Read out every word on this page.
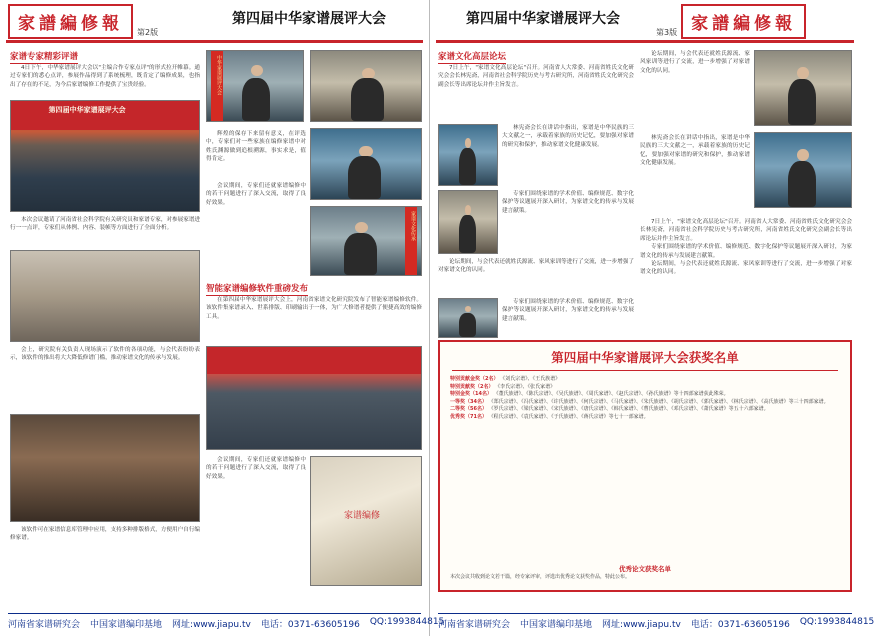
家譜編修報	第2版
第四届中华家谱展评大会
家谱专家精彩评谱

4日下午，中华家谱展评大会以"主编合作专家点评"的形式拉开帷幕。通过专家们的悉心点评，参展作品得到了系统梳理，既肯定了编修成果，也指出了存在的不足，为今后家谱编修工作提供了宝贵经验。

第四届中华家谱展评大会

本次会议邀请了河南省社会科学院有关研究员和家谱专家，对参展家谱进行一一点评，专家们从体例、内容、装帧等方面进行了全面分析。

中华家谱展评大会

辉煌的保存下来留有意义，在评选中，专家们对一些家族在编修家谱中对姓氏渊源做到追根溯源，事实求是，值得肯定。

会议期间，专家们还就家谱编修中的若干问题进行了深入交流，取得了良好效果。

家谱文化传承
智能家谱编修软件重磅发布

在第四届中华家谱展评大会上，河南省家谱文化研究院发布了智能家谱编修软件。该软件集家谱录入、世系排版、印刷输出于一体，为广大修谱者提供了便捷高效的编修工具。

会上，研究院有关负责人现场演示了软件的各项功能，与会代表纷纷表示，该软件的推出将大大降低修谱门槛，推动家谱文化的传承与发展。

该软件可在家谱信息库管理中应用，支持多种排版格式，方便用户自行编修家谱。

会议期间，专家们还就家谱编修中的若干问题进行了深入交流，取得了良好效果。

家谱编修
河南省家谱研究会 中国家谱编印基地 网址:www.jiapu.tv 电话：0371-63605196 QQ:1993844815
第四届中华家谱展评大会
第3版 家譜編修報
家谱文化高层论坛

7日上午，"家谱文化高层论坛"召开。河南省人大常委、河南省姓氏文化研究会会长林宪斋，河南省社会科学院历史与考古研究所，河南省姓氏文化研究会副会长等出席论坛并作主旨发言。

林宪斋会长在讲话中指出，家谱是中华民族的三大文献之一，承载着家族的历史记忆，要加强对家谱的研究和保护，推动家谱文化健康发展。

专家们围绕家谱的学术价值、编修规范、数字化保护等议题展开深入研讨，为家谱文化的传承与发展建言献策。

论坛期间，与会代表还就姓氏源流、家风家训等进行了交流，进一步增强了对家谱文化的认同。

专家们围绕家谱的学术价值、编修规范、数字化保护等议题展开深入研讨，为家谱文化的传承与发展建言献策。

论坛期间，与会代表还就姓氏源流、家风家训等进行了交流，进一步增强了对家谱文化的认同。

林宪斋会长在讲话中指出，家谱是中华民族的三大文献之一，承载着家族的历史记忆，要加强对家谱的研究和保护，推动家谱文化健康发展。

7日上午，"家谱文化高层论坛"召开。河南省人大常委、河南省姓氏文化研究会会长林宪斋，河南省社会科学院历史与考古研究所，河南省姓氏文化研究会副会长等出席论坛并作主旨发言。

专家们围绕家谱的学术价值、编修规范、数字化保护等议题展开深入研讨，为家谱文化的传承与发展建言献策。

论坛期间，与会代表还就姓氏源流、家风家训等进行了交流，进一步增强了对家谱文化的认同。

河南省家谱研究会 中国家谱编印基地 网址:www.jiapu.tv 电话：0371-63605196 QQ:1993844815
第四届中华家谱展评大会获奖名单
特别贡献金奖（2名） 《刘氏宗谱》、《王氏族谱》
特别贡献奖（2名） 《李氏宗谱》、《张氏家谱》
特别金奖（14名） 《董氏族谱》、《陈氏宗谱》、《吴氏族谱》、《周氏家谱》、《赵氏宗谱》、《孙氏族谱》等十四部家谱获此殊荣。
一等奖（34名） 《郑氏宗谱》、《冯氏家谱》、《许氏族谱》、《何氏宗谱》、《马氏家谱》、《朱氏族谱》、《胡氏宗谱》、《郭氏家谱》、《林氏宗谱》、《高氏族谱》等三十四部家谱。
二等奖（56名） 《罗氏宗谱》、《梁氏家谱》、《宋氏族谱》、《唐氏宗谱》、《韩氏家谱》、《曹氏族谱》、《邓氏宗谱》、《萧氏家谱》等五十六部家谱。
优秀奖（71名） 《程氏宗谱》、《袁氏家谱》、《于氏族谱》、《蒋氏宗谱》等七十一部家谱。
优秀论文获奖名单
本次会议共收到论文若干篇，经专家评审，评选出优秀论文获奖作品，特此公布。
